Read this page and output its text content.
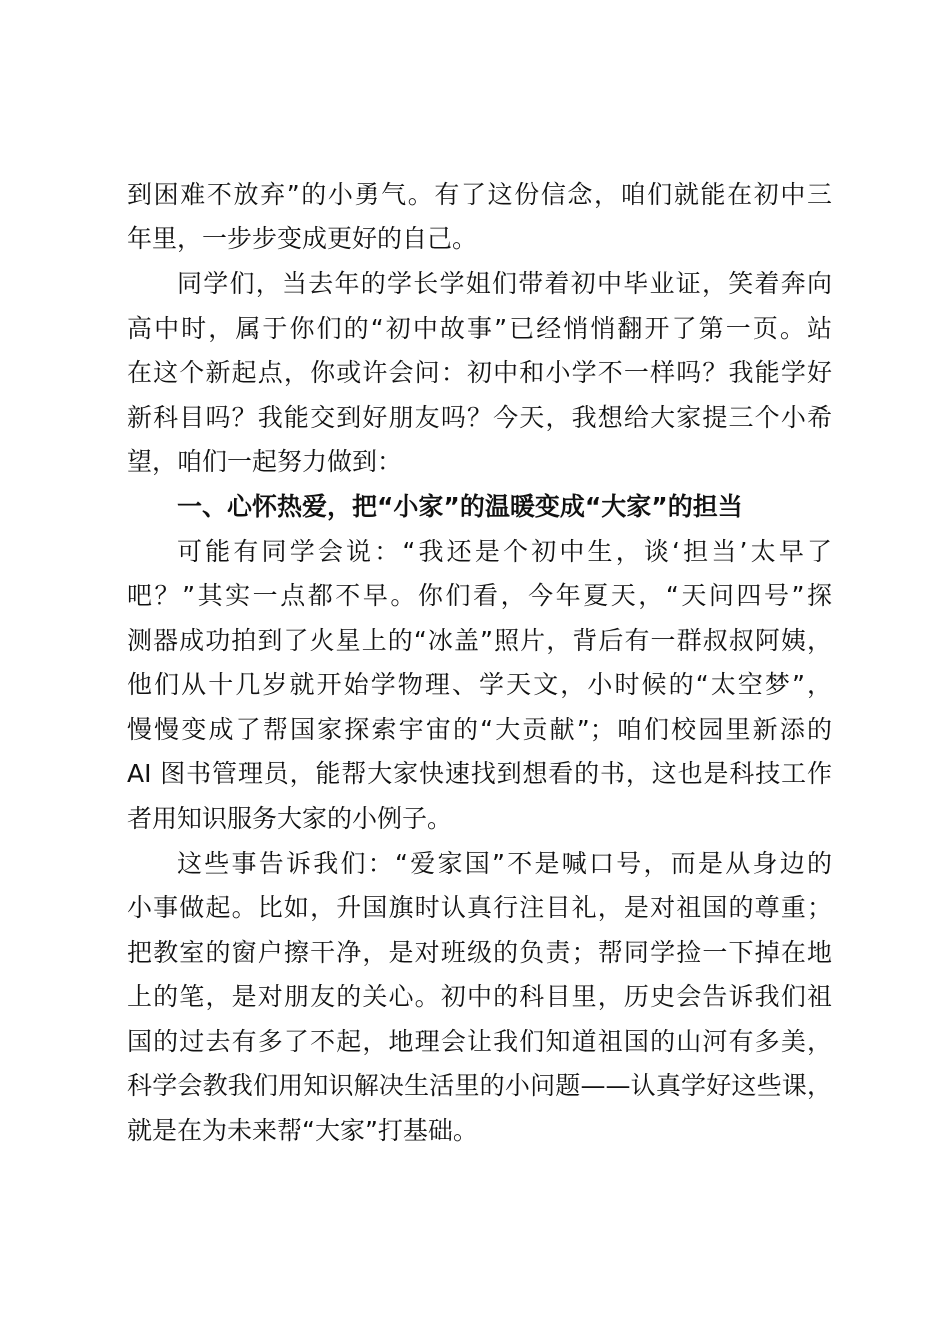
到困难不放弃”的小勇气。有了这份信念，咱们就能在初中三
年里，一步步变成更好的自己。
同学们，当去年的学长学姐们带着初中毕业证，笑着奔向
高中时，属于你们的“初中故事”已经悄悄翻开了第一页。站
在这个新起点，你或许会问：初中和小学不一样吗？我能学好
新科目吗？我能交到好朋友吗？今天，我想给大家提三个小希
望，咱们一起努力做到：
一、心怀热爱，把“小家”的温暖变成“大家”的担当
可能有同学会说：“我还是个初中生，谈‘担当’太早了
吧？”其实一点都不早。你们看，今年夏天，“天问四号”探
测器成功拍到了火星上的“冰盖”照片，背后有一群叔叔阿姨，
他们从十几岁就开始学物理、学天文，小时候的“太空梦”，
慢慢变成了帮国家探索宇宙的“大贡献”；咱们校园里新添的
AI 图书管理员，能帮大家快速找到想看的书，这也是科技工作
者用知识服务大家的小例子。
这些事告诉我们：“爱家国”不是喊口号，而是从身边的
小事做起。比如，升国旗时认真行注目礼，是对祖国的尊重；
把教室的窗户擦干净，是对班级的负责；帮同学捡一下掉在地
上的笔，是对朋友的关心。初中的科目里，历史会告诉我们祖
国的过去有多了不起，地理会让我们知道祖国的山河有多美，
科学会教我们用知识解决生活里的小问题——认真学好这些课，
就是在为未来帮“大家”打基础。
